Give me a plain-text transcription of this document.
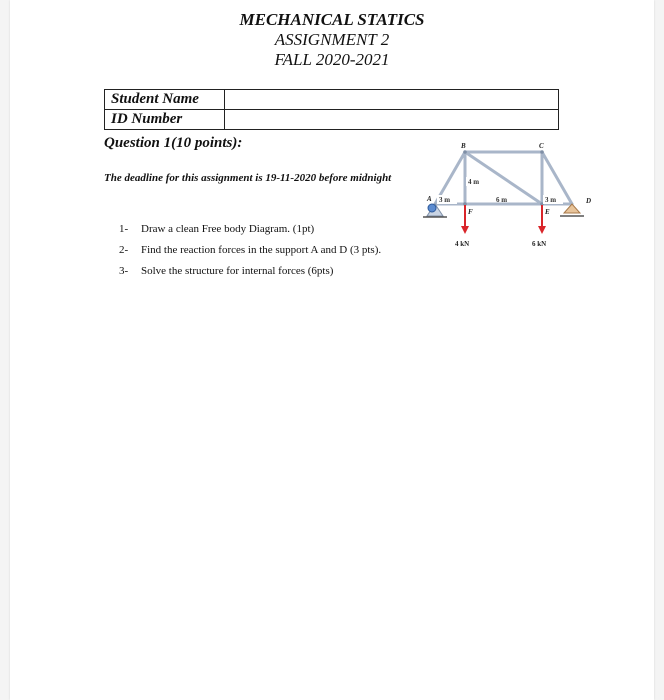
MECHANICAL STATICS
ASSIGNMENT 2
FALL 2020-2021
Student Name	
ID Number	
Question 1(10 points):
The deadline for this assignment is 19-11-2020 before midnight
1- Draw a clean Free body Diagram. (1pt)
2- Find the reaction forces in the support A and D (3 pts).
3- Solve the structure for internal forces (6pts)
A
B	C
D
E
F
3 m
4 m
6 m	3 m
4 kN	6 kN
